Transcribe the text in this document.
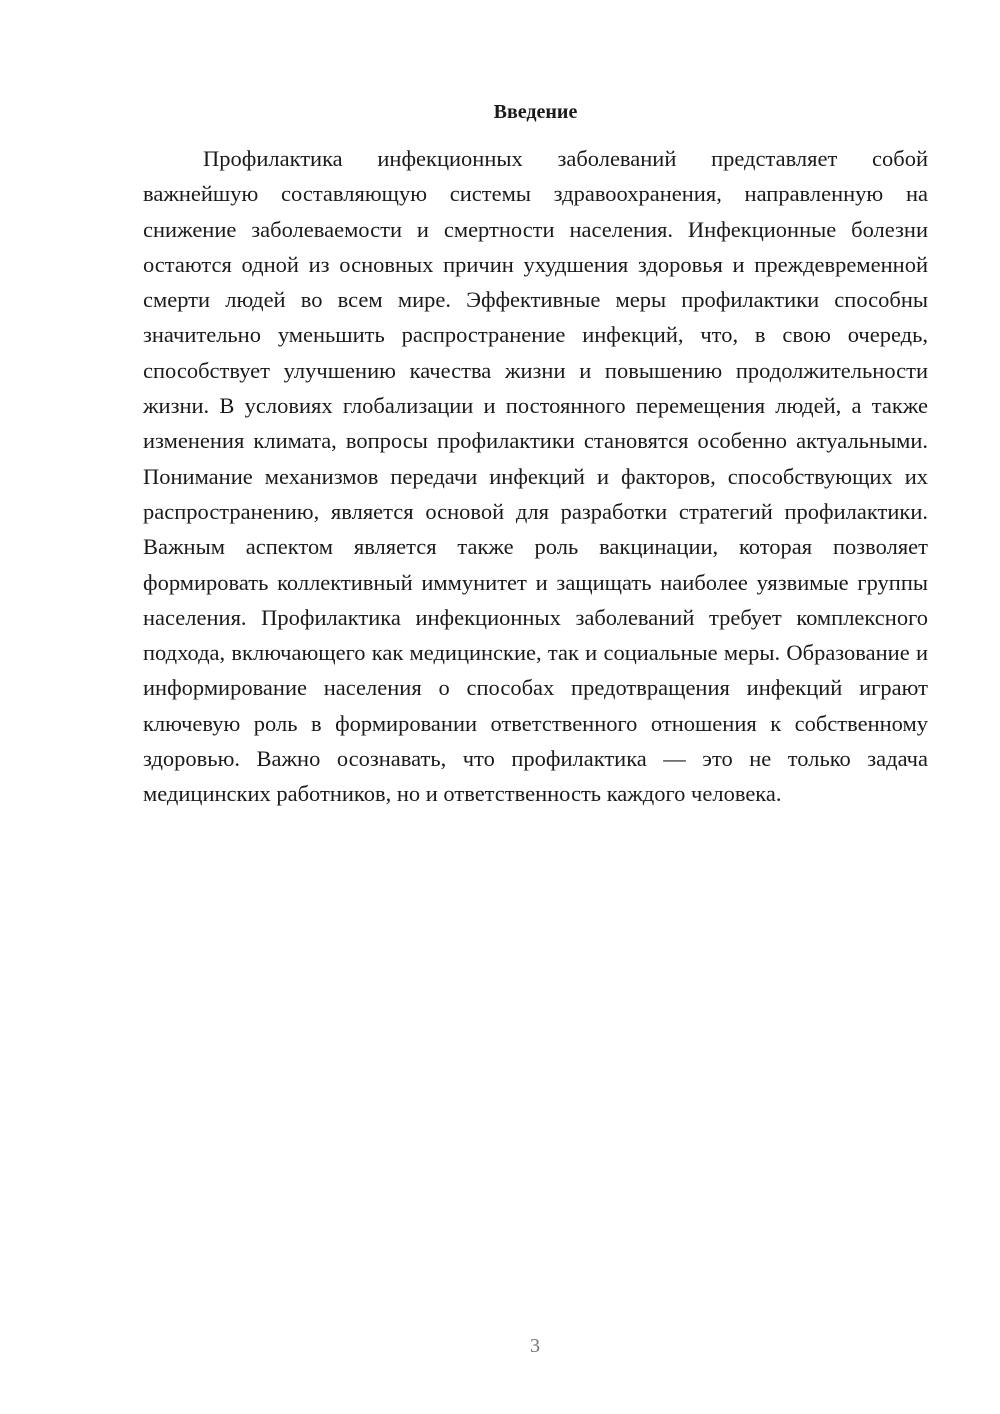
Введение

Профилактика инфекционных заболеваний представляет собой важнейшую составляющую системы здравоохранения, направленную на снижение заболеваемости и смертности населения. Инфекционные болезни остаются одной из основных причин ухудшения здоровья и преждевременной смерти людей во всем мире. Эффективные меры профилактики способны значительно уменьшить распространение инфекций, что, в свою очередь, способствует улучшению качества жизни и повышению продолжительности жизни. В условиях глобализации и постоянного перемещения людей, а также изменения климата, вопросы профилактики становятся особенно актуальными. Понимание механизмов передачи инфекций и факторов, способствующих их распространению, является основой для разработки стратегий профилактики. Важным аспектом является также роль вакцинации, которая позволяет формировать коллективный иммунитет и защищать наиболее уязвимые группы населения. Профилактика инфекционных заболеваний требует комплексного подхода, включающего как медицинские, так и социальные меры. Образование и информирование населения о способах предотвращения инфекций играют ключевую роль в формировании ответственного отношения к собственному здоровью. Важно осознавать, что профилактика — это не только задача медицинских работников, но и ответственность каждого человека.

3
